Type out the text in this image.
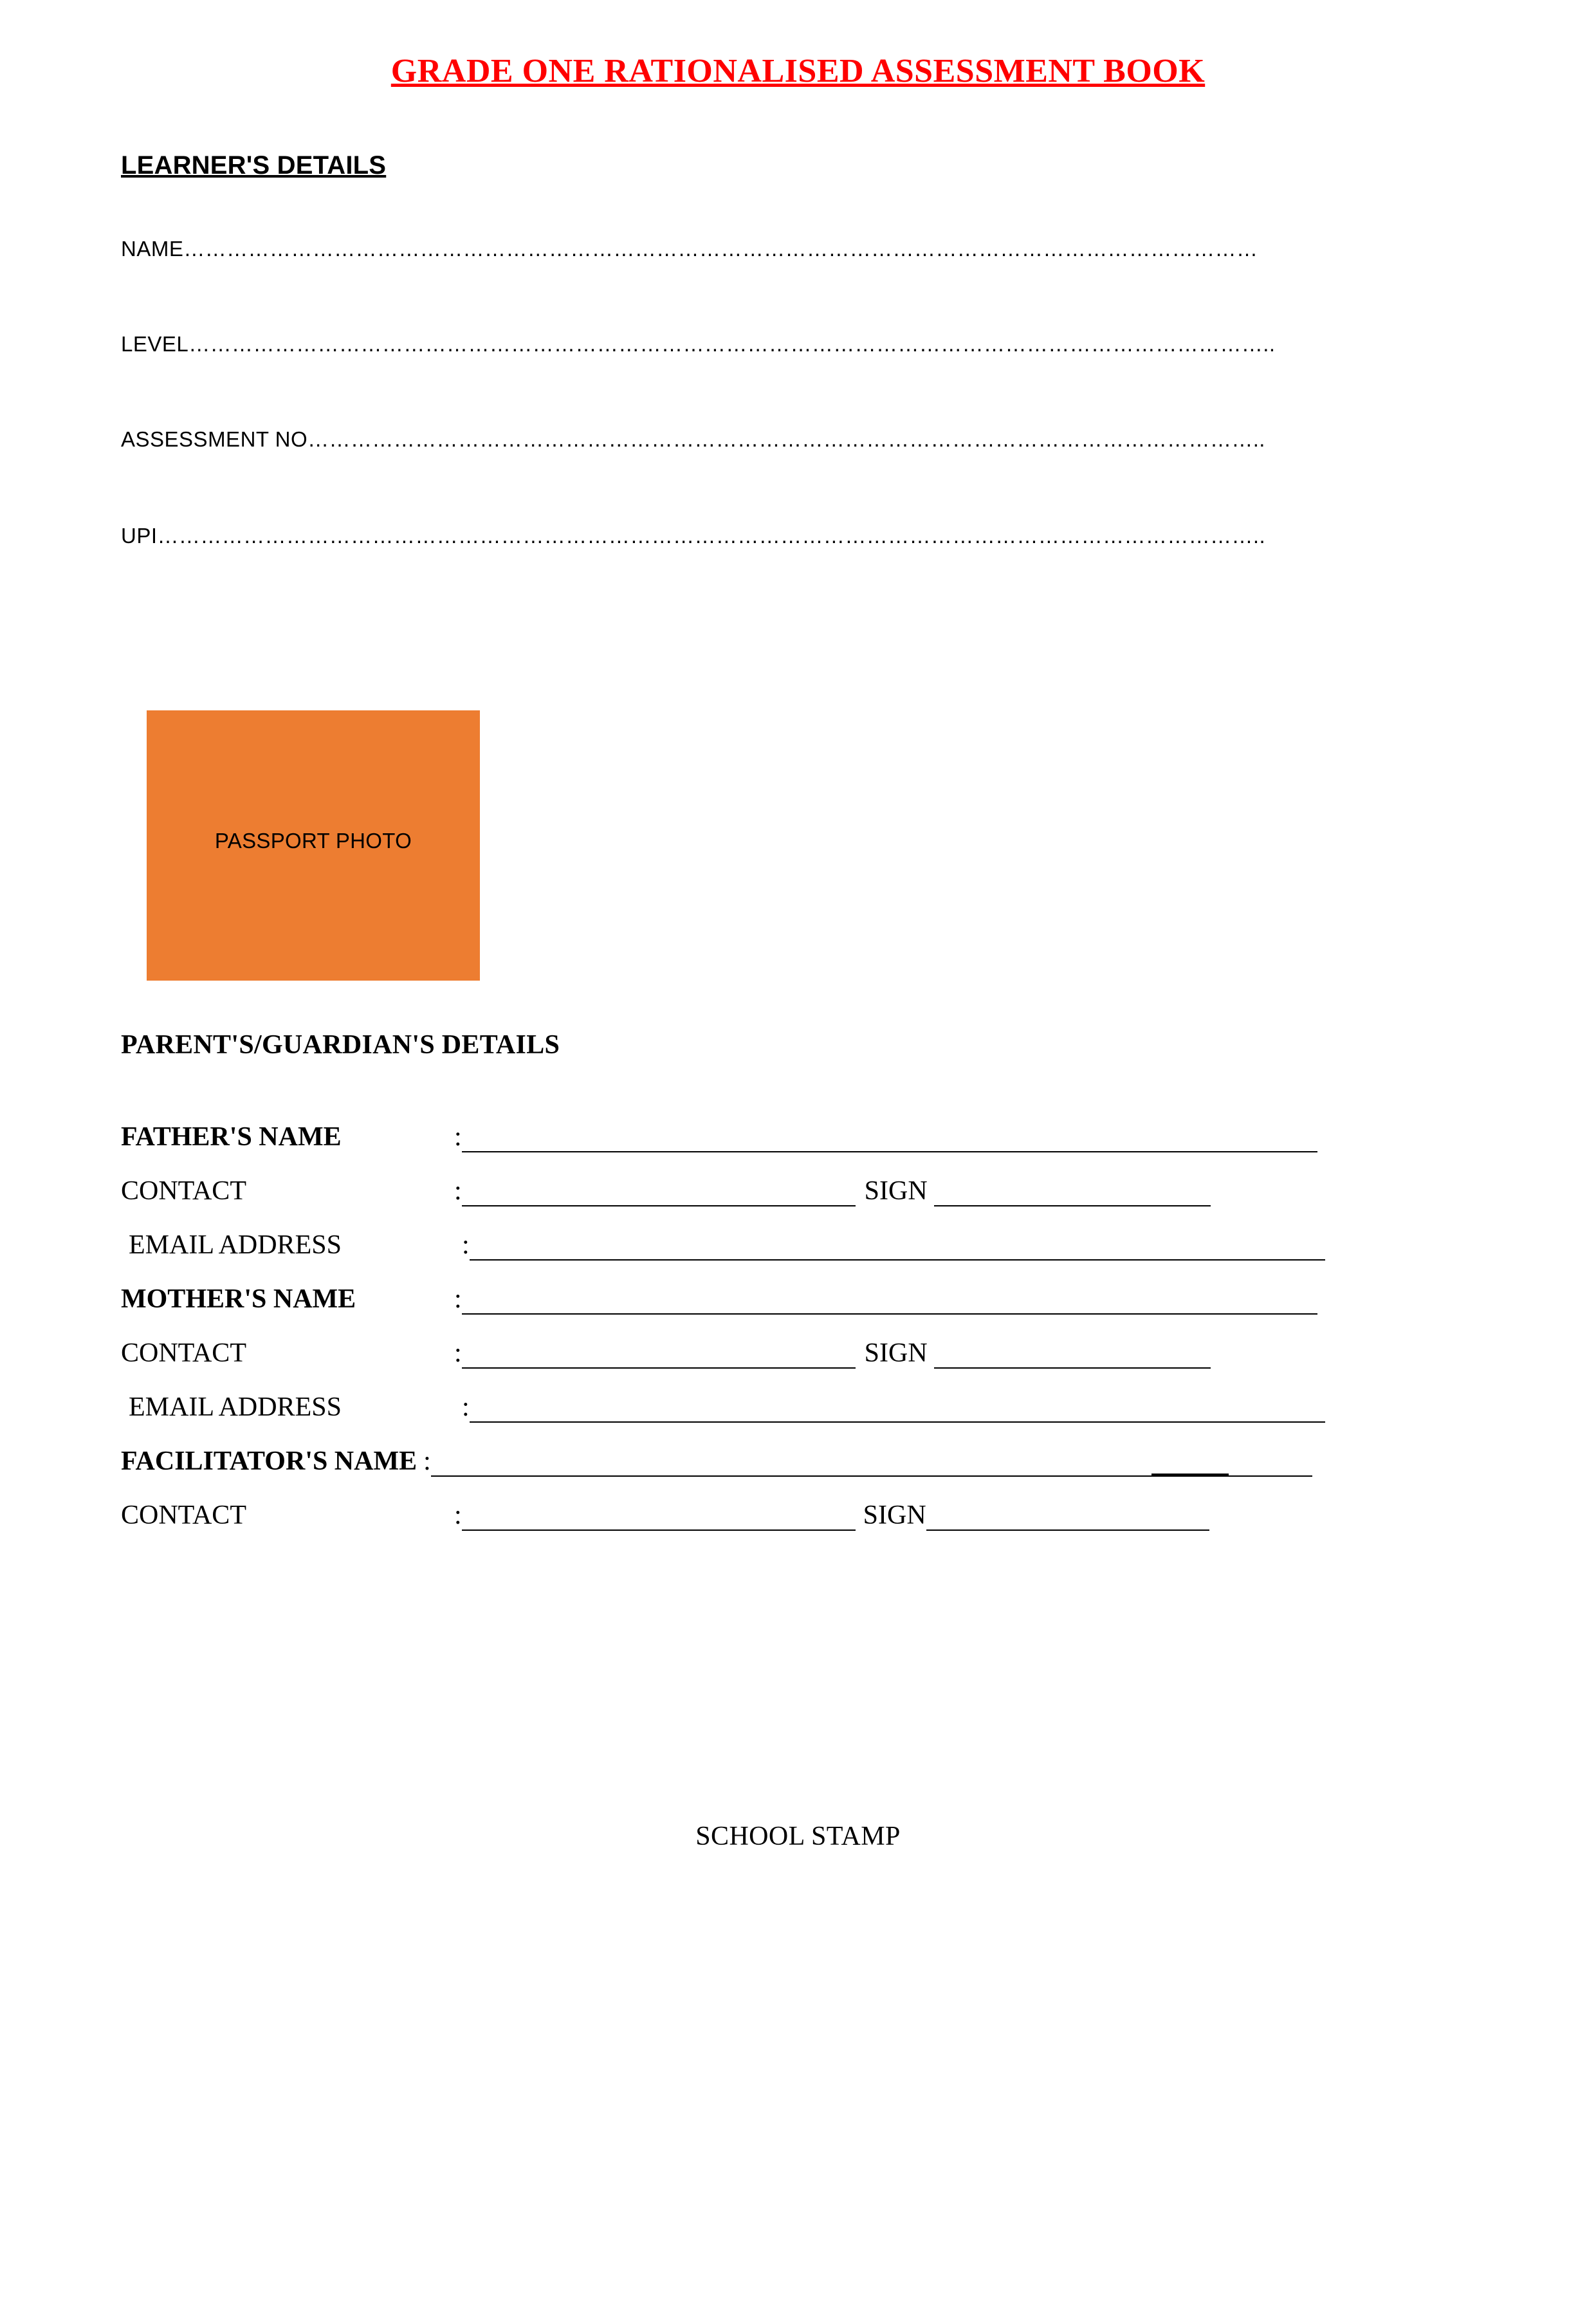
GRADE ONE RATIONALISED ASSESSMENT BOOK
LEARNER'S DETAILS
NAME……………………………………………………………………………………………………………………………………
LEVEL……………………………………………………………………………………………………………………………………..
ASSESSMENT NO……………………………………………………………………………………………………………………..
UPI………………………………………………………………………………………………………………………………………..
PASSPORT PHOTO
PARENT'S/GUARDIAN'S DETAILS
FATHER'S NAME	:
CONTACT	:	SIGN
EMAIL ADDRESS	:
MOTHER'S NAME	:
CONTACT	:	SIGN
EMAIL ADDRESS	:
FACILITATOR'S NAME :
CONTACT	:	SIGN
SCHOOL STAMP
